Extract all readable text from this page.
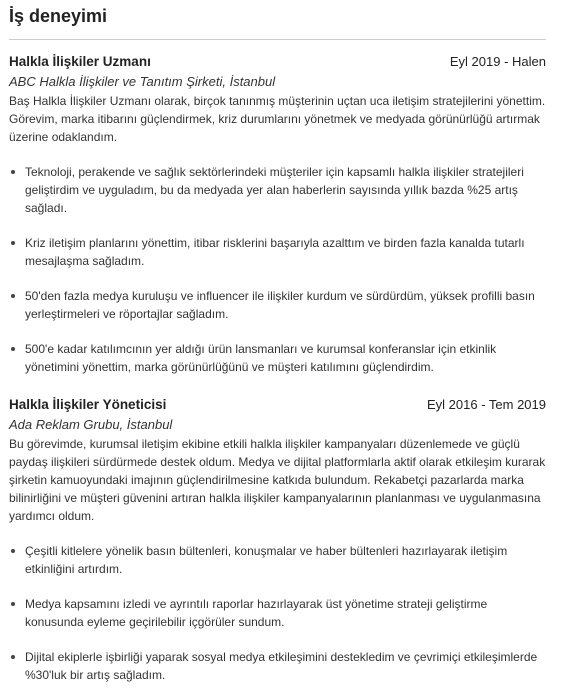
İş deneyimi
Halkla İlişkiler Uzmanı	Eyl 2019 - Halen
ABC Halkla İlişkiler ve Tanıtım Şirketi, İstanbul

Baş Halkla İlişkiler Uzmanı olarak, birçok tanınmış müşterinin uçtan uca iletişim stratejilerini yönettim. Görevim, marka itibarını güçlendirmek, kriz durumlarını yönetmek ve medyada görünürlüğü artırmak üzerine odaklandım.

Teknoloji, perakende ve sağlık sektörlerindeki müşteriler için kapsamlı halkla ilişkiler stratejileri geliştirdim ve uyguladım, bu da medyada yer alan haberlerin sayısında yıllık bazda %25 artış sağladı.
Kriz iletişim planlarını yönettim, itibar risklerini başarıyla azalttım ve birden fazla kanalda tutarlı mesajlaşma sağladım.
50'den fazla medya kuruluşu ve influencer ile ilişkiler kurdum ve sürdürdüm, yüksek profilli basın yerleştirmeleri ve röportajlar sağladım.
500'e kadar katılımcının yer aldığı ürün lansmanları ve kurumsal konferanslar için etkinlik yönetimini yönettim, marka görünürlüğünü ve müşteri katılımını güçlendirdim.
Halkla İlişkiler Yöneticisi	Eyl 2016 - Tem 2019
Ada Reklam Grubu, İstanbul

Bu görevimde, kurumsal iletişim ekibine etkili halkla ilişkiler kampanyaları düzenlemede ve güçlü paydaş ilişkileri sürdürmede destek oldum. Medya ve dijital platformlarla aktif olarak etkileşim kurarak şirketin kamuoyundaki imajının güçlendirilmesine katkıda bulundum. Rekabetçi pazarlarda marka bilinirliğini ve müşteri güvenini artıran halkla ilişkiler kampanyalarının planlanması ve uygulanmasına yardımcı oldum.

Çeşitli kitlelere yönelik basın bültenleri, konuşmalar ve haber bültenleri hazırlayarak iletişim etkinliğini artırdım.
Medya kapsamını izledi ve ayrıntılı raporlar hazırlayarak üst yönetime strateji geliştirme konusunda eyleme geçirilebilir içgörüler sundum.
Dijital ekiplerle işbirliği yaparak sosyal medya etkileşimini destekledim ve çevrimiçi etkileşimlerde %30'luk bir artış sağladım.
